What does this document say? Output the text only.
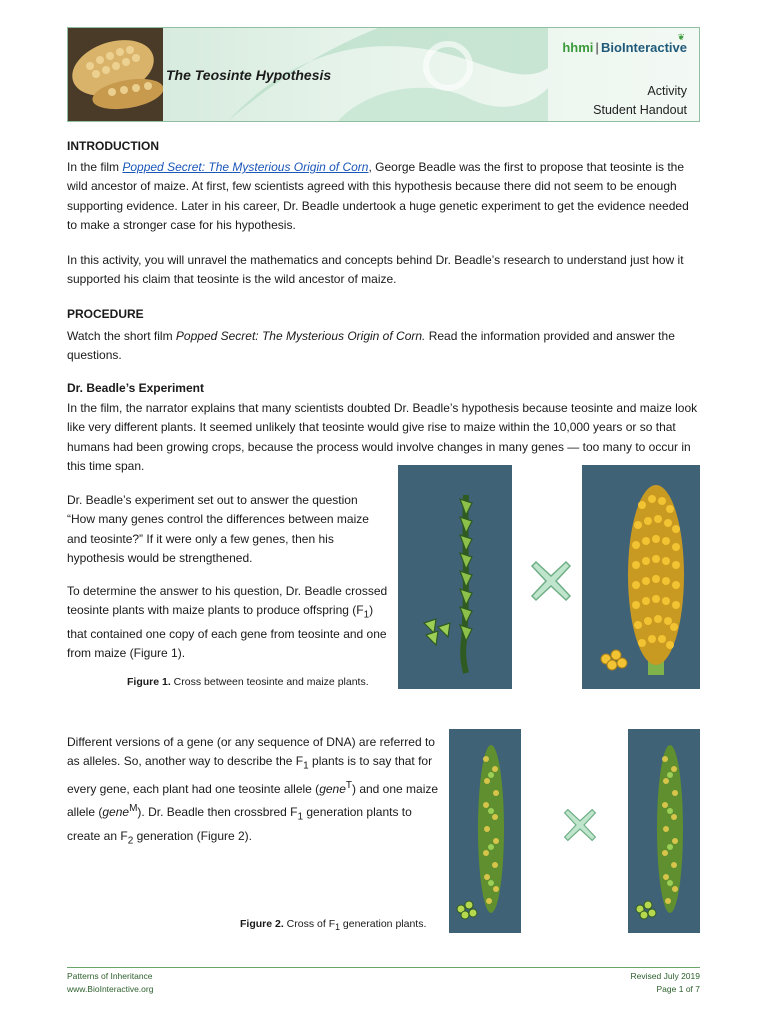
The Teosinte Hypothesis
❦
hhmi | BioInteractive
Activity
Student Handout
INTRODUCTION

In the film Popped Secret: The Mysterious Origin of Corn, George Beadle was the first to propose that teosinte is the wild ancestor of maize. At first, few scientists agreed with this hypothesis because there did not seem to be enough supporting evidence. Later in his career, Dr. Beadle undertook a huge genetic experiment to get the evidence needed to make a stronger case for his hypothesis.

In this activity, you will unravel the mathematics and concepts behind Dr. Beadle’s research to understand just how it supported his claim that teosinte is the wild ancestor of maize.

PROCEDURE

Watch the short film Popped Secret: The Mysterious Origin of Corn. Read the information provided and answer the questions.

Dr. Beadle’s Experiment

In the film, the narrator explains that many scientists doubted Dr. Beadle’s hypothesis because teosinte and maize look like very different plants. It seemed unlikely that teosinte would give rise to maize within the 10,000 years or so that humans had been growing crops, because the process would involve changes in many genes — too many to occur in this time span.

Dr. Beadle’s experiment set out to answer the question “How many genes control the differences between maize and teosinte?” If it were only a few genes, then his hypothesis would be strengthened.

To determine the answer to his question, Dr. Beadle crossed teosinte plants with maize plants to produce offspring $(F_1)$ that contained one copy of each gene from teosinte and one from maize (Figure 1).

Figure 1. Cross between teosinte and maize plants.

Different versions of a gene (or any sequence of DNA) are referred to as alleles. So, another way to describe the $F_1$ plants is to say that for every gene, each plant had one teosinte allele (gene$^T$) and one maize allele (gene$^M$). Dr. Beadle then crossbred $F_1$ generation plants to create an $F_2$ generation (Figure 2).

Figure 2. Cross of $F_1$ generation plants.
Patterns of Inheritance
www.BioInteractive.org
Revised July 2019
Page 1 of 7
